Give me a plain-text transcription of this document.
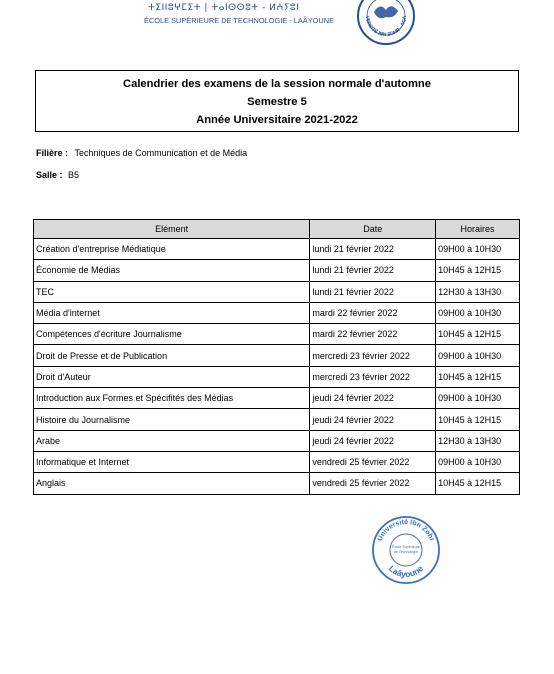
ⵜⵉⵏⵏⵓⵖⵎⵉⵜ | ⵜⴰⵏⵙⵙⵓⵜ - ⵍⵄⵢⵓⵏ
ÉCOLE SUPÉRIEURE DE TECHNOLOGIE - LAÂYOUNE	VERSITÉ IBN ZOHR - AGA
Calendrier des examens de la session normale d'automne
Semestre 5
Année Universitaire 2021-2022
Filière : Techniques de Communication et de Média
Salle : B5
Elément	Date	Horaires
Création d'entreprise Médiatique	lundi 21 février 2022	09H00 à 10H30
Économie de Médias	lundi 21 février 2022	10H45 à 12H15
TEC	lundi 21 février 2022	12H30 à 13H30
Média d'internet	mardi 22 février 2022	09H00 à 10H30
Compétences d'écriture Journalisme	mardi 22 février 2022	10H45 à 12H15
Droit de Presse et de Publication	mercredi 23 février 2022	09H00 à 10H30
Droit d'Auteur	mercredi 23 février 2022	10H45 à 12H15
Introduction aux Formes et Spécifités des Médias	jeudi 24 février 2022	09H00 à 10H30
Histoire du Journalisme	jeudi 24 février 2022	10H45 à 12H15
Arabe	jeudi 24 février 2022	12H30 à 13H30
Informatique et Internet	vendredi 25 février 2022	09H00 à 10H30
Anglais	vendredi 25 février 2022	10H45 à 12H15
Université Ibn Zohr
Laâyoune
École Supérieure
de Technologie
